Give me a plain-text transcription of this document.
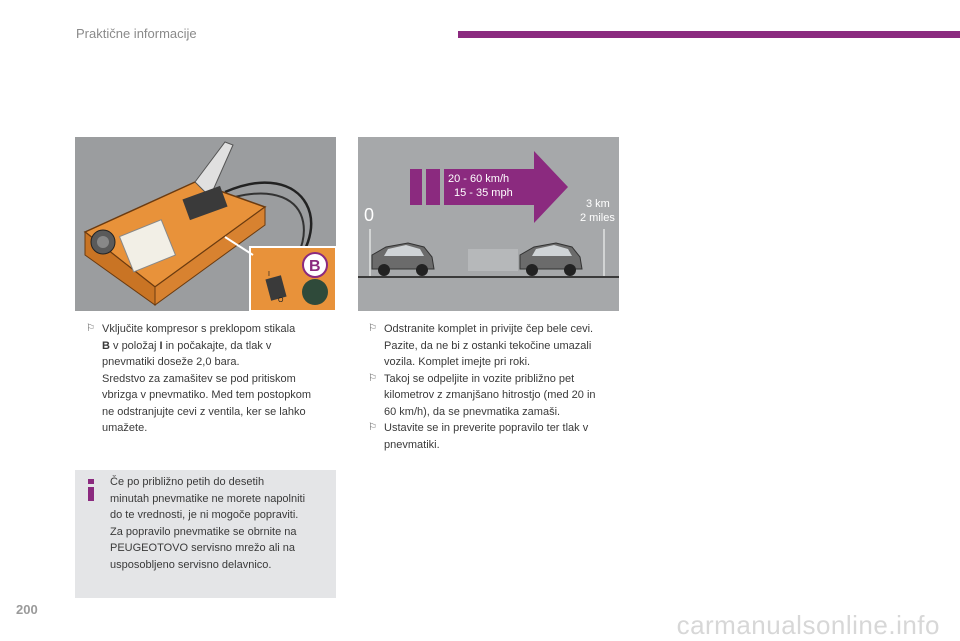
Praktične informacije
I
O
B
20 - 60 km/h
15 - 35 mph
0
3 km
2 miles
⚐ Vključite kompresor s preklopom stikala
B v položaj I in počakajte, da tlak v
pnevmatiki doseže 2,0 bara.
Sredstvo za zamašitev se pod pritiskom
vbrizga v pnevmatiko. Med tem postopkom
ne odstranjujte cevi z ventila, ker se lahko
umažete.
⚐ Odstranite komplet in privijte čep bele cevi.
Pazite, da ne bi z ostanki tekočine umazali
vozila. Komplet imejte pri roki.
⚐ Takoj se odpeljite in vozite približno pet
kilometrov z zmanjšano hitrostjo (med 20 in
60 km/h), da se pnevmatika zamaši.
⚐ Ustavite se in preverite popravilo ter tlak v
pnevmatiki.
Če po približno petih do desetih
minutah pnevmatike ne morete napolniti
do te vrednosti, je ni mogoče popraviti.
Za popravilo pnevmatike se obrnite na
PEUGEOTOVO servisno mrežo ali na
usposobljeno servisno delavnico.
200
carmanualsonline.info
